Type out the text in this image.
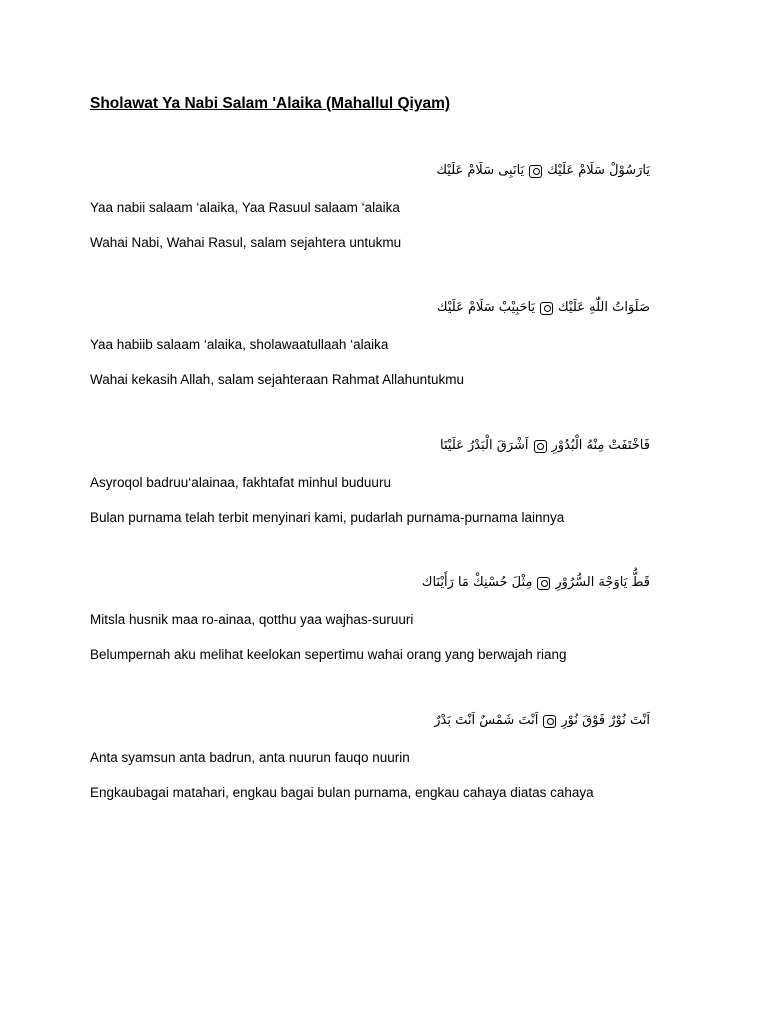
Sholawat Ya Nabi Salam 'Alaika (Mahallul Qiyam)
يَانَبِى سَلَامْ عَلَيْك يَارَسُوْلْ سَلَامْ عَلَيْك
Yaa nabii salaam ‘alaika, Yaa Rasuul salaam ‘alaika
Wahai Nabi, Wahai Rasul, salam sejahtera untukmu
يَاحَبِيْبْ سَلَامْ عَلَيْك صَلَوَاتُ اللّٰهِ عَلَيْك
Yaa habiib salaam ‘alaika, sholawaatullaah ‘alaika
Wahai kekasih Allah, salam sejahteraan Rahmat Allahuntukmu
اَشْرَقَ الْبَدْرُ عَلَيْنَا فَاخْتَفَتْ مِنْهُ الْبُدُوْرِ
Asyroqol badruu‘alainaa, fakhtafat minhul buduuru
Bulan purnama telah terbit menyinari kami, pudarlah purnama-purnama lainnya
مِثْلَ حُسْنِكْ مَا رَأَيْنَاك قَطُّ يَاوَجْهَ السُّرُوْرِ
Mitsla husnik maa ro-ainaa, qotthu yaa wajhas-suruuri
Belumpernah aku melihat keelokan sepertimu wahai orang yang berwajah riang
اَنْتَ شَمْسٌ اَنْتَ بَدْرٌ اَنْتَ نُوْرٌ فَوْقَ نُوْرِ
Anta syamsun anta badrun, anta nuurun fauqo nuurin
Engkaubagai matahari, engkau bagai bulan purnama, engkau cahaya diatas cahaya
